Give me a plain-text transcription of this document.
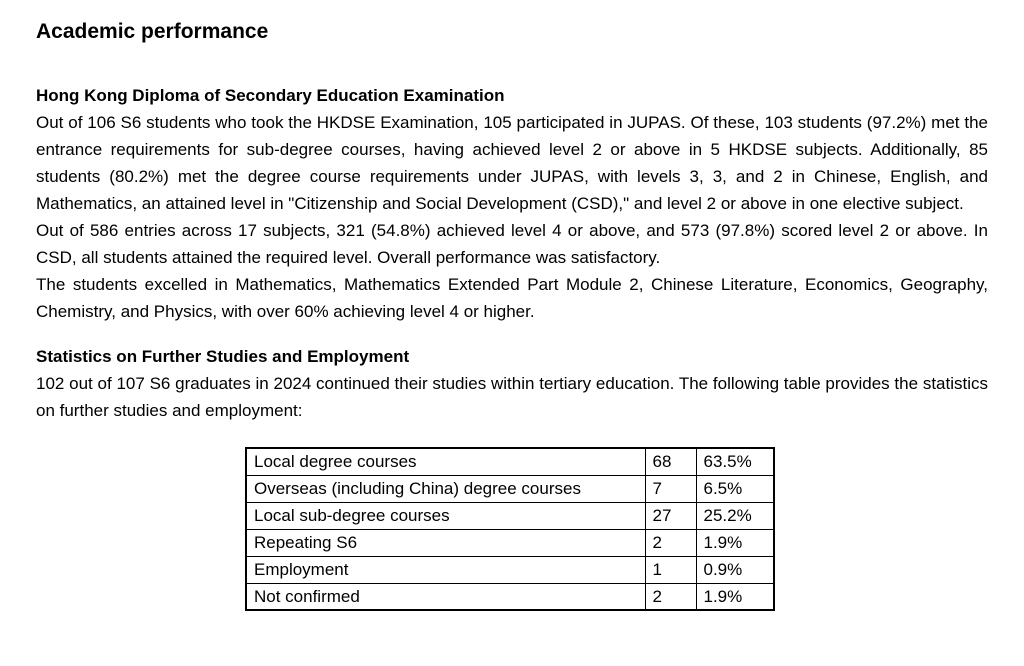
Academic performance
Hong Kong Diploma of Secondary Education Examination

Out of 106 S6 students who took the HKDSE Examination, 105 participated in JUPAS. Of these, 103 students (97.2%) met the entrance requirements for sub-degree courses, having achieved level 2 or above in 5 HKDSE subjects. Additionally, 85 students (80.2%) met the degree course requirements under JUPAS, with levels 3, 3, and 2 in Chinese, English, and Mathematics, an attained level in "Citizenship and Social Development (CSD)," and level 2 or above in one elective subject.

Out of 586 entries across 17 subjects, 321 (54.8%) achieved level 4 or above, and 573 (97.8%) scored level 2 or above. In CSD, all students attained the required level. Overall performance was satisfactory.

The students excelled in Mathematics, Mathematics Extended Part Module 2, Chinese Literature, Economics, Geography, Chemistry, and Physics, with over 60% achieving level 4 or higher.

Statistics on Further Studies and Employment

102 out of 107 S6 graduates in 2024 continued their studies within tertiary education. The following table provides the statistics on further studies and employment:

Local degree courses	68	63.5%
Overseas (including China) degree courses	7	6.5%
Local sub-degree courses	27	25.2%
Repeating S6	2	1.9%
Employment	1	0.9%
Not confirmed	2	1.9%
